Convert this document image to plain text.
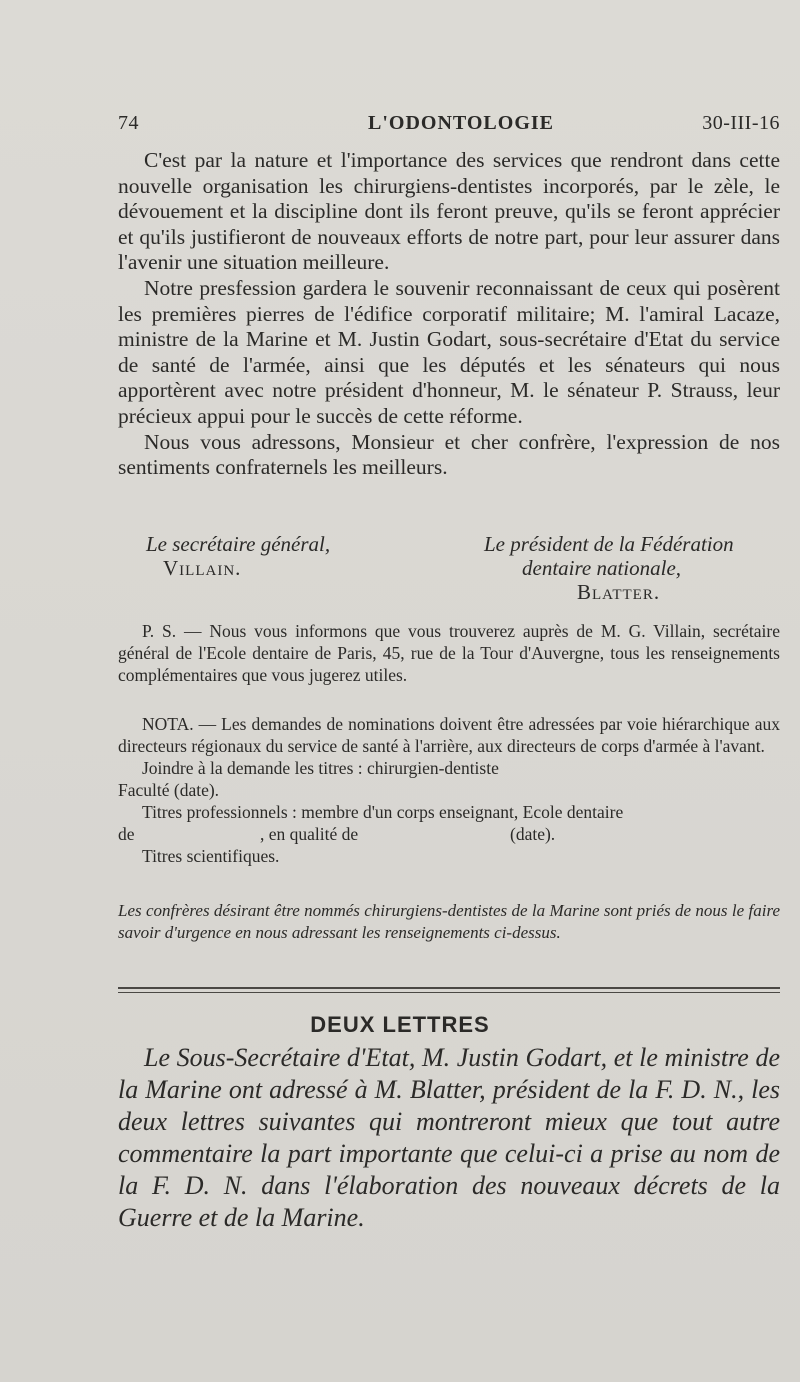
74	L'ODONTOLOGIE	30-III-16

C'est par la nature et l'importance des services que rendront dans cette nouvelle organisation les chirurgiens-dentistes incorporés, par le zèle, le dévouement et la discipline dont ils feront preuve, qu'ils se feront apprécier et qu'ils justifieront de nouveaux efforts de notre part, pour leur assurer dans l'avenir une situation meilleure.

Notre presfession gardera le souvenir reconnaissant de ceux qui posèrent les premières pierres de l'édifice corporatif militaire; M. l'amiral Lacaze, ministre de la Marine et M. Justin Godart, sous-secrétaire d'Etat du service de santé de l'armée, ainsi que les députés et les sénateurs qui nous apportèrent avec notre président d'honneur, M. le sénateur P. Strauss, leur précieux appui pour le succès de cette réforme.

Nous vous adressons, Monsieur et cher confrère, l'expression de nos sentiments confraternels les meilleurs.

Le secrétaire général,
Villain.
Le président de la Fédération
dentaire nationale,
Blatter.

P. S. — Nous vous informons que vous trouverez auprès de M. G. Villain, secrétaire général de l'Ecole dentaire de Paris, 45, rue de la Tour d'Auvergne, tous les renseignements complémentaires que vous jugerez utiles.

NOTA. — Les demandes de nominations doivent être adressées par voie hiérarchique aux directeurs régionaux du service de santé à l'arrière, aux directeurs de corps d'armée à l'avant.

Joindre à la demande les titres : chirurgien-dentiste

Faculté (date).

Titres professionnels : membre d'un corps enseignant, Ecole dentaire

de	, en qualité de	(date).

Titres scientifiques.

Les confrères désirant être nommés chirurgiens-dentistes de la Marine sont priés de nous le faire savoir d'urgence en nous adressant les renseignements ci-dessus.
DEUX LETTRES
Le Sous-Secrétaire d'Etat, M. Justin Godart, et le ministre de la Marine ont adressé à M. Blatter, président de la F. D. N., les deux lettres suivantes qui montreront mieux que tout autre commentaire la part importante que celui-ci a prise au nom de la F. D. N. dans l'élaboration des nouveaux décrets de la Guerre et de la Marine.
